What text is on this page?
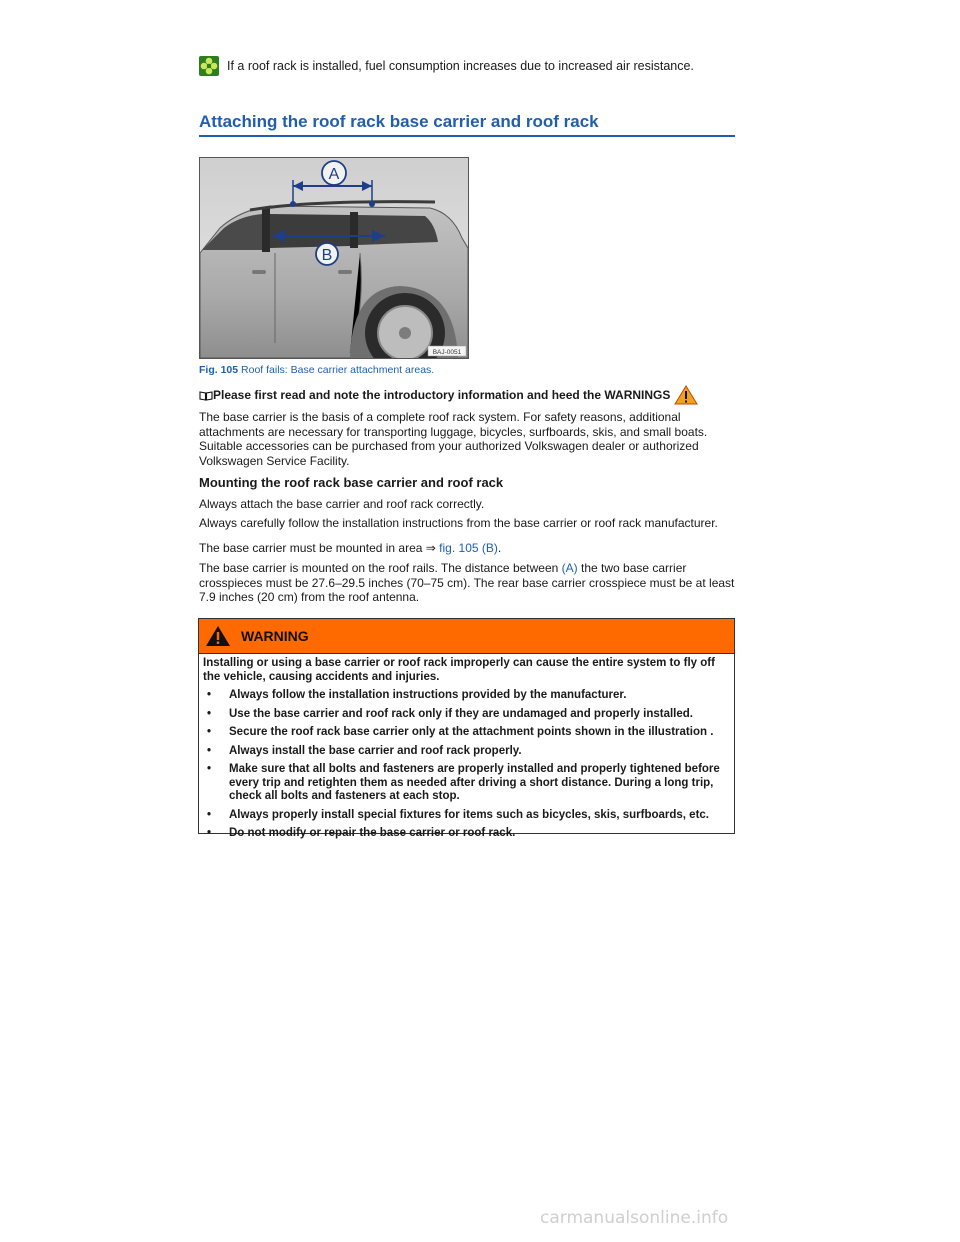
If a roof rack is installed, fuel consumption increases due to increased air resistance.
Attaching the roof rack base carrier and roof rack
A
B
BAJ-0051
Fig. 105 Roof fails: Base carrier attachment areas.
Please first read and note the introductory information and heed the WARNINGS
The base carrier is the basis of a complete roof rack system. For safety reasons, additional attachments are necessary for transporting luggage, bicycles, surfboards, skis, and small boats. Suitable accessories can be purchased from your authorized Volkswagen dealer or authorized Volkswagen Service Facility.
Mounting the roof rack base carrier and roof rack
Always attach the base carrier and roof rack correctly.
Always carefully follow the installation instructions from the base carrier or roof rack manufacturer.
The base carrier must be mounted in area ⇒ fig. 105 (B).
The base carrier is mounted on the roof rails. The distance between (A) the two base carrier crosspieces must be 27.6–29.5 inches (70–75 cm). The rear base carrier crosspiece must be at least 7.9 inches (20 cm) from the roof antenna.
WARNING

Installing or using a base carrier or roof rack improperly can cause the entire system to fly off the vehicle, causing accidents and injuries.

•	Always follow the installation instructions provided by the manufacturer.
•	Use the base carrier and roof rack only if they are undamaged and properly installed.
•	Secure the roof rack base carrier only at the attachment points shown in the illustration .
•	Always install the base carrier and roof rack properly.
•	Make sure that all bolts and fasteners are properly installed and properly tightened before every trip and retighten them as needed after driving a short distance. During a long trip, check all bolts and fasteners at each stop.
•	Always properly install special fixtures for items such as bicycles, skis, surfboards, etc.
•	Do not modify or repair the base carrier or roof rack.
carmanualsonline.info
